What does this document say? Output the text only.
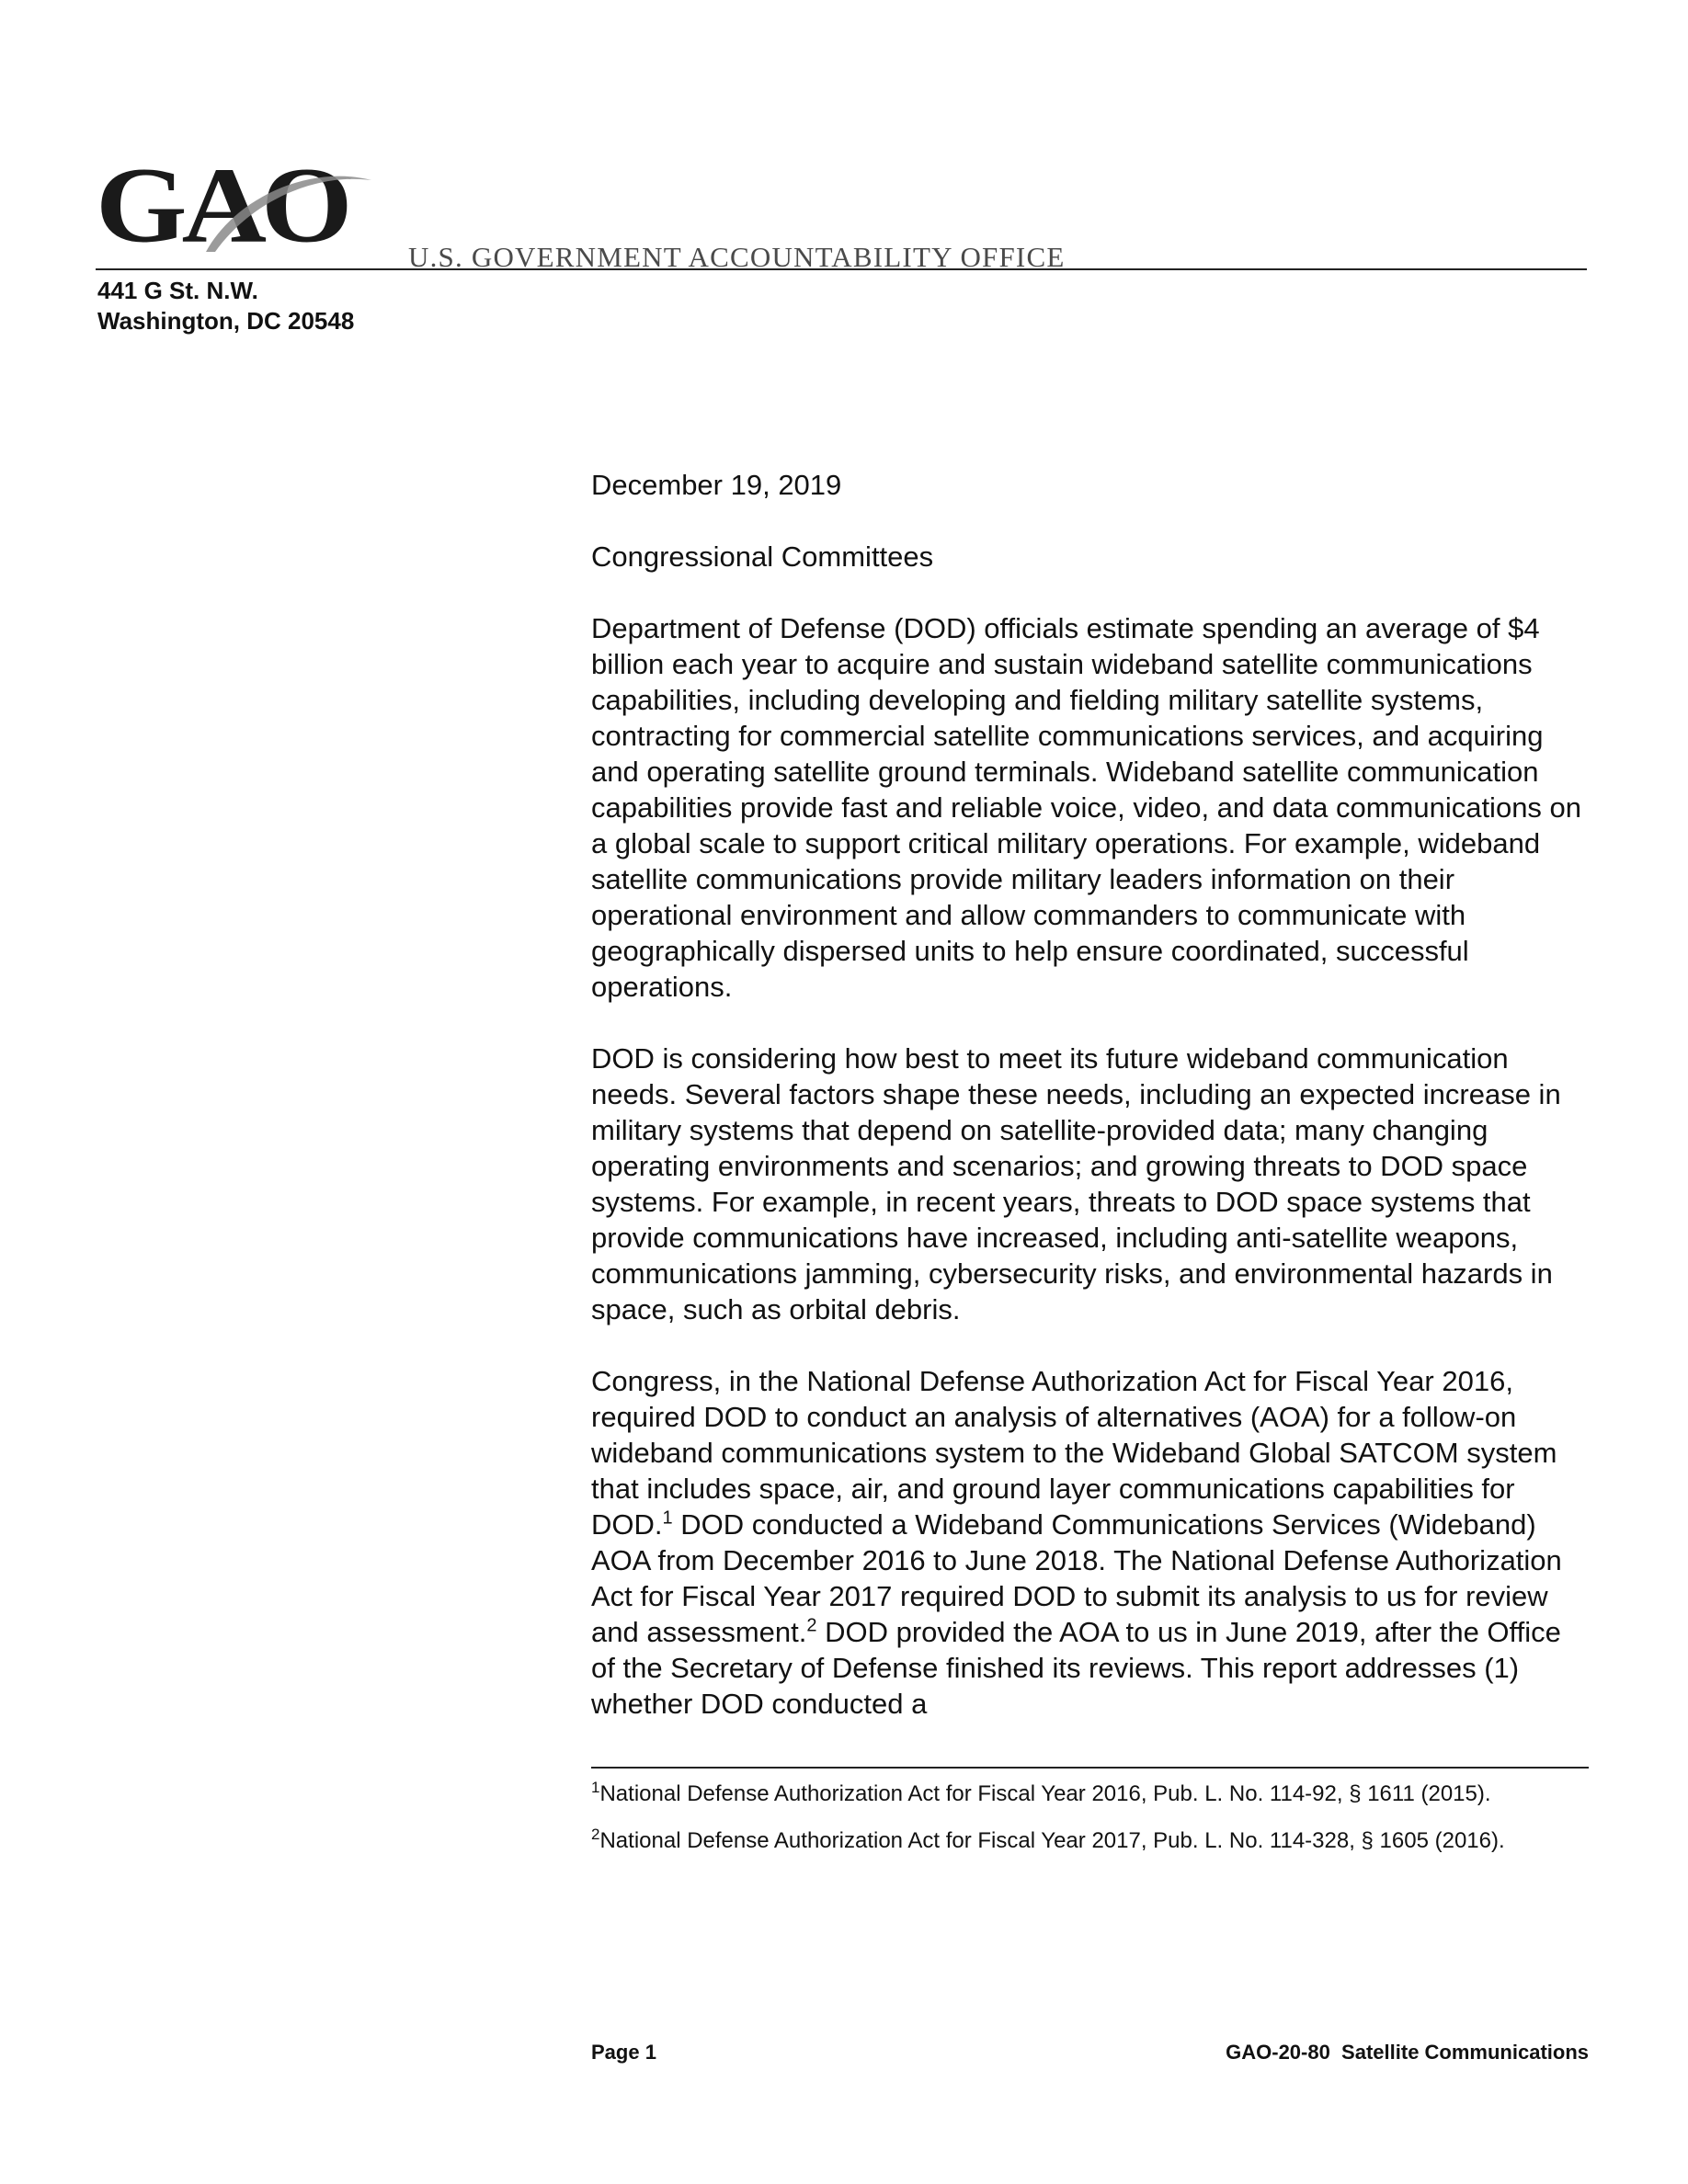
GAO U.S. GOVERNMENT ACCOUNTABILITY OFFICE
441 G St. N.W.
Washington, DC 20548
December 19, 2019
Congressional Committees

Department of Defense (DOD) officials estimate spending an average of $4 billion each year to acquire and sustain wideband satellite communications capabilities, including developing and fielding military satellite systems, contracting for commercial satellite communications services, and acquiring and operating satellite ground terminals. Wideband satellite communication capabilities provide fast and reliable voice, video, and data communications on a global scale to support critical military operations. For example, wideband satellite communications provide military leaders information on their operational environment and allow commanders to communicate with geographically dispersed units to help ensure coordinated, successful operations.

DOD is considering how best to meet its future wideband communication needs. Several factors shape these needs, including an expected increase in military systems that depend on satellite-provided data; many changing operating environments and scenarios; and growing threats to DOD space systems. For example, in recent years, threats to DOD space systems that provide communications have increased, including anti-satellite weapons, communications jamming, cybersecurity risks, and environmental hazards in space, such as orbital debris.

Congress, in the National Defense Authorization Act for Fiscal Year 2016, required DOD to conduct an analysis of alternatives (AOA) for a follow-on wideband communications system to the Wideband Global SATCOM system that includes space, air, and ground layer communications capabilities for DOD.$^1$ DOD conducted a Wideband Communications Services (Wideband) AOA from December 2016 to June 2018. The National Defense Authorization Act for Fiscal Year 2017 required DOD to submit its analysis to us for review and assessment.$^2$ DOD provided the AOA to us in June 2019, after the Office of the Secretary of Defense finished its reviews. This report addresses (1) whether DOD conducted a

$^1$National Defense Authorization Act for Fiscal Year 2016, Pub. L. No. 114-92, § 1611 (2015).
$^2$National Defense Authorization Act for Fiscal Year 2017, Pub. L. No. 114-328, § 1605 (2016).
Page 1	GAO-20-80  Satellite Communications
